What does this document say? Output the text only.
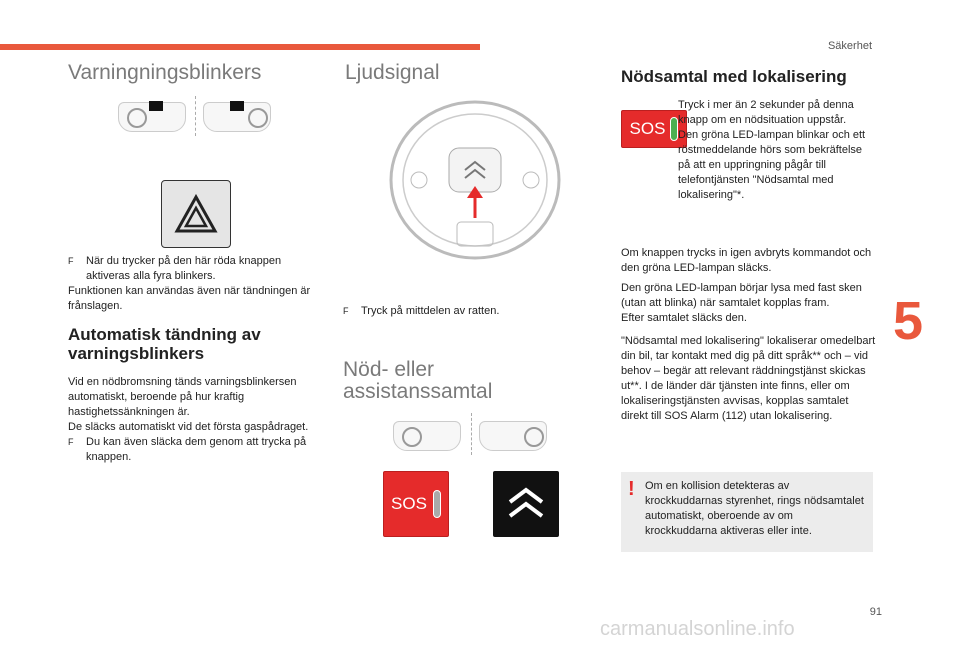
Säkerhet
5
91
carmanualsonline.info
Varningningsblinkers
F När du trycker på den här röda knappen aktiveras alla fyra blinkers.
Funktionen kan användas även när tändningen är frånslagen.
Automatisk tändning av varningsblinkers
Vid en nödbromsning tänds varningsblinkersen automatiskt, beroende på hur kraftig hastighetssänkningen är.
De släcks automatiskt vid det första gaspådraget.
F Du kan även släcka dem genom att trycka på knappen.
Ljudsignal
F Tryck på mittdelen av ratten.
Nöd- eller assistanssamtal
SOS
Nödsamtal med lokalisering
SOS
Tryck i mer än 2 sekunder på denna knapp om en nödsituation uppstår.
Den gröna LED-lampan blinkar och ett röstmeddelande hörs som bekräftelse på att en uppringning pågår till telefontjänsten "Nödsamtal med lokalisering"*.
Om knappen trycks in igen avbryts kommandot och den gröna LED-lampan släcks.
Den gröna LED-lampan börjar lysa med fast sken (utan att blinka) när samtalet kopplas fram.
Efter samtalet släcks den.
"Nödsamtal med lokalisering" lokaliserar omedelbart din bil, tar kontakt med dig på ditt språk** och – vid behov – begär att relevant räddningstjänst skickas ut**. I de länder där tjänsten inte finns, eller om lokaliseringstjänsten avvisas, kopplas samtalet direkt till SOS Alarm (112) utan lokalisering.
! Om en kollision detekteras av krockkuddarnas styrenhet, rings nödsamtalet automatiskt, oberoende av om krockkuddarna aktiveras eller inte.
